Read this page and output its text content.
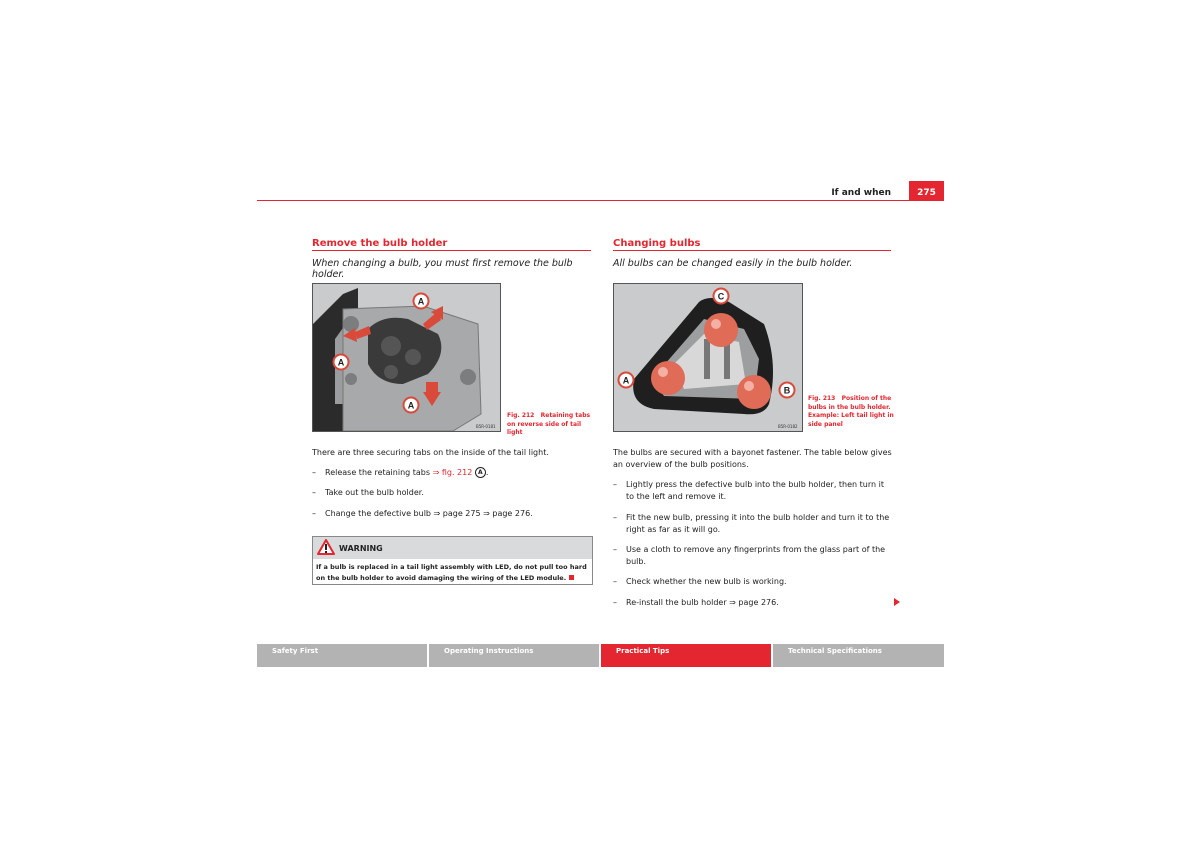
If and when	275
Remove the bulb holder
When changing a bulb, you must first remove the bulb holder.
A
A
A
B5R-0181
Fig. 212 Retaining tabs on reverse side of tail light
There are three securing tabs on the inside of the tail light.
– Release the retaining tabs ⇒ fig. 212 A .
– Take out the bulb holder.
– Change the defective bulb ⇒ page 275 ⇒ page 276.
WARNING
If a bulb is replaced in a tail light assembly with LED, do not pull too hard on the bulb holder to avoid damaging the wiring of the LED module.
Changing bulbs
All bulbs can be changed easily in the bulb holder.
A
B
C
B5R-0182
Fig. 213 Position of the bulbs in the bulb holder. Example: Left tail light in side panel
The bulbs are secured with a bayonet fastener. The table below gives an overview of the bulb positions.
– Lightly press the defective bulb into the bulb holder, then turn it to the left and remove it.
– Fit the new bulb, pressing it into the bulb holder and turn it to the right as far as it will go.
– Use a cloth to remove any fingerprints from the glass part of the bulb.
– Check whether the new bulb is working.
– Re-install the bulb holder ⇒ page 276.
Safety First	Operating Instructions	Practical Tips	Technical Specifications
